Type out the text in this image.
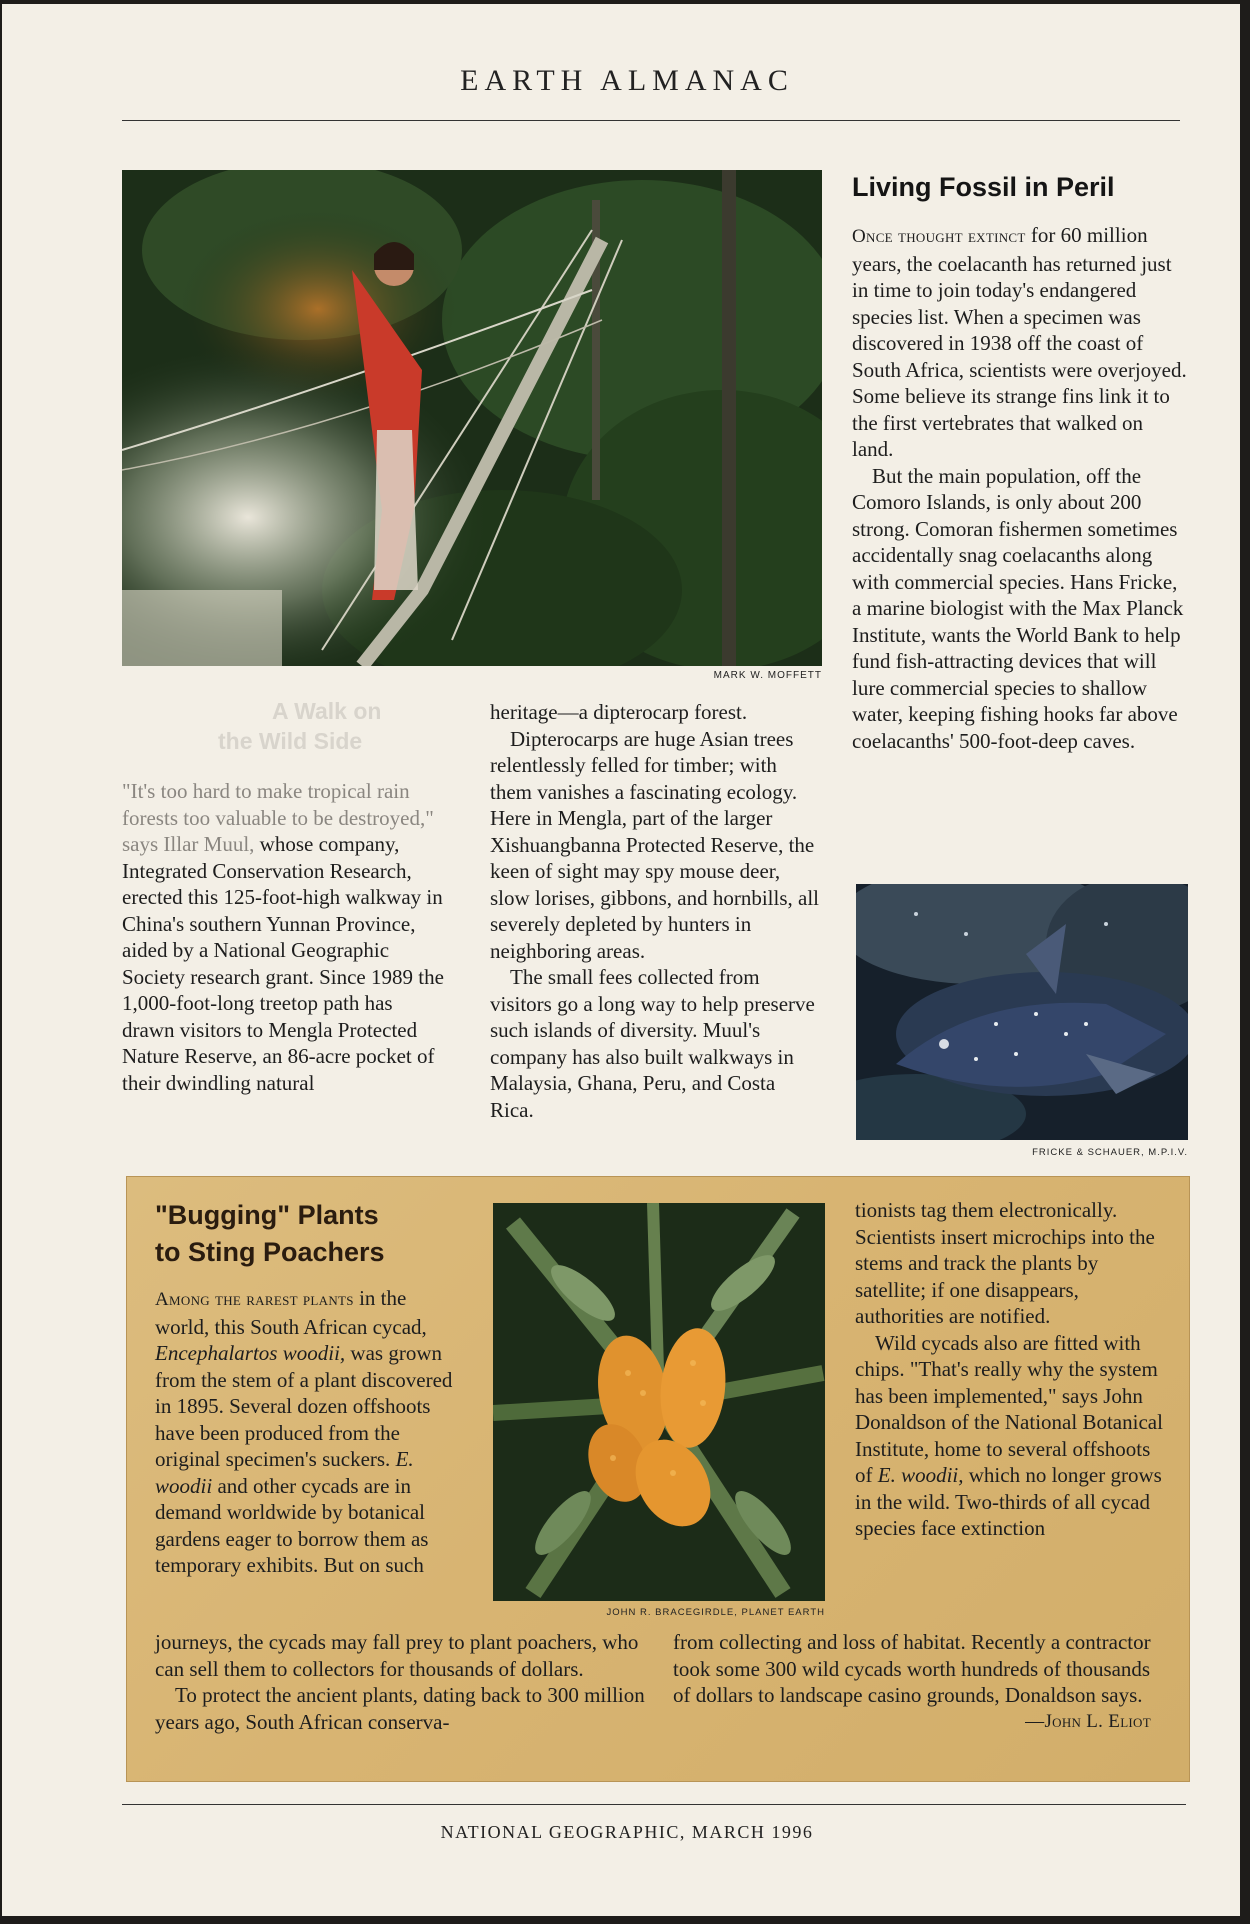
EARTH ALMANAC
MARK W. MOFFETT
A Walk on
the Wild Side

"It's too hard to make tropical rain forests too valuable to be destroyed," says Illar Muul, whose company, Integrated Conservation Research, erected this 125-foot-high walkway in China's southern Yunnan Province, aided by a National Geographic Society research grant. Since 1989 the 1,000-foot-long treetop path has drawn visitors to Mengla Protected Nature Reserve, an 86-acre pocket of their dwindling natural

heritage—a dipterocarp forest.

Dipterocarps are huge Asian trees relentlessly felled for timber; with them vanishes a fascinating ecology. Here in Mengla, part of the larger Xishuangbanna Protected Reserve, the keen of sight may spy mouse deer, slow lorises, gibbons, and hornbills, all severely depleted by hunters in neighboring areas.

The small fees collected from visitors go a long way to help preserve such islands of diversity. Muul's company has also built walkways in Malaysia, Ghana, Peru, and Costa Rica.

Living Fossil in Peril

Once thought extinct for 60 million years, the coelacanth has returned just in time to join today's endangered species list. When a specimen was discovered in 1938 off the coast of South Africa, scientists were overjoyed. Some believe its strange fins link it to the first vertebrates that walked on land.

But the main population, off the Comoro Islands, is only about 200 strong. Comoran fishermen sometimes accidentally snag coelacanths along with commercial species. Hans Fricke, a marine biologist with the Max Planck Institute, wants the World Bank to help fund fish-attracting devices that will lure commercial species to shallow water, keeping fishing hooks far above coelacanths' 500-foot-deep caves.

FRICKE & SCHAUER, M.P.I.V.
"Bugging" Plants
to Sting Poachers

Among the rarest plants in the world, this South African cycad, Encephalartos woodii, was grown from the stem of a plant discovered in 1895. Several dozen offshoots have been produced from the original specimen's suckers. E. woodii and other cycads are in demand worldwide by botanical gardens eager to borrow them as temporary exhibits. But on such

journeys, the cycads may fall prey to plant poachers, who can sell them to collectors for thousands of dollars.

To protect the ancient plants, dating back to 300 million years ago, South African conserva-

JOHN R. BRACEGIRDLE, PLANET EARTH

tionists tag them electronically. Scientists insert microchips into the stems and track the plants by satellite; if one disappears, authorities are notified.

Wild cycads also are fitted with chips. "That's really why the system has been implemented," says John Donaldson of the National Botanical Institute, home to several offshoots of E. woodii, which no longer grows in the wild. Two-thirds of all cycad species face extinction

from collecting and loss of habitat. Recently a contractor took some 300 wild cycads worth hundreds of thousands of dollars to landscape casino grounds, Donaldson says.

—John L. Eliot

NATIONAL GEOGRAPHIC, MARCH 1996
